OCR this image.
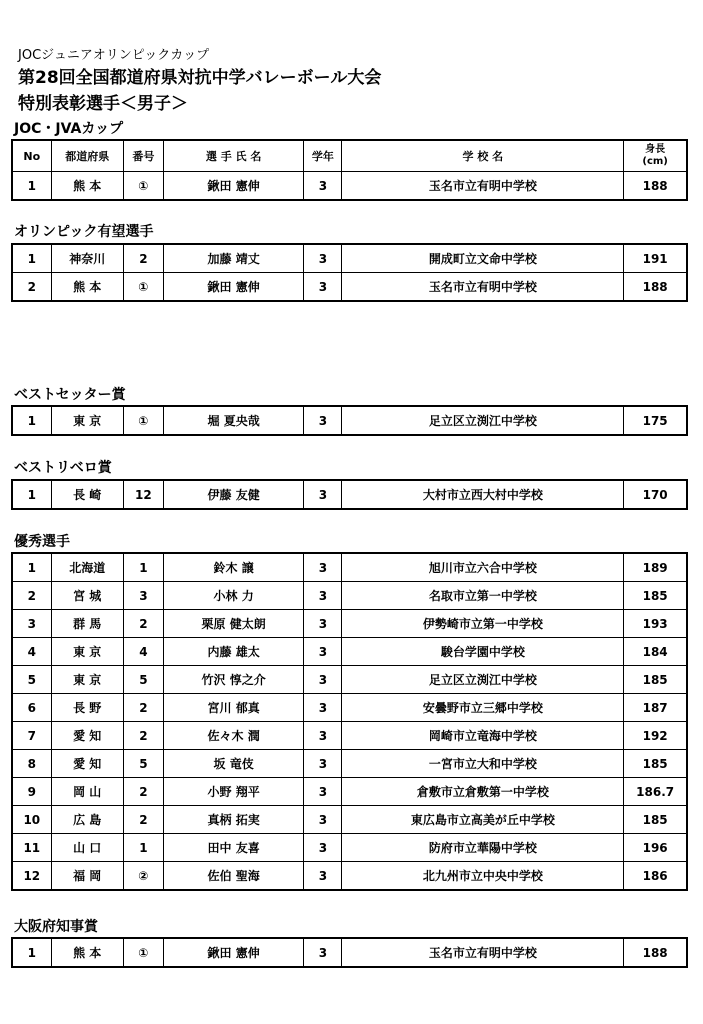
JOCジュニアオリンピックカップ
第28回全国都道府県対抗中学バレーボール大会
特別表彰選手＜男子＞
JOC・JVAカップ
No	都道府県	番号	選 手 氏 名	学年	学 校 名	身長
(cm)

1	熊 本	①	鍬田 憲伸	3	玉名市立有明中学校	188
オリンピック有望選手
1	神奈川	2	加藤 靖丈	3	開成町立文命中学校	191
2	熊 本	①	鍬田 憲伸	3	玉名市立有明中学校	188
ベストセッター賞
1	東 京	①	堀 夏央哉	3	足立区立渕江中学校	175
ベストリベロ賞
1	長 崎	12	伊藤 友健	3	大村市立西大村中学校	170
優秀選手
1	北海道	1	鈴木 譲	3	旭川市立六合中学校	189
2	宮 城	3	小林 力	3	名取市立第一中学校	185
3	群 馬	2	栗原 健太朗	3	伊勢崎市立第一中学校	193
4	東 京	4	内藤 雄太	3	駿台学園中学校	184
5	東 京	5	竹沢 惇之介	3	足立区立渕江中学校	185
6	長 野	2	宮川 郁真	3	安曇野市立三郷中学校	187
7	愛 知	2	佐々木 潤	3	岡崎市立竜海中学校	192
8	愛 知	5	坂 竜伎	3	一宮市立大和中学校	185
9	岡 山	2	小野 翔平	3	倉敷市立倉敷第一中学校	186.7
10	広 島	2	真柄 拓実	3	東広島市立高美が丘中学校	185
11	山 口	1	田中 友喜	3	防府市立華陽中学校	196
12	福 岡	②	佐伯 聖海	3	北九州市立中央中学校	186
大阪府知事賞
1	熊 本	①	鍬田 憲伸	3	玉名市立有明中学校	188
